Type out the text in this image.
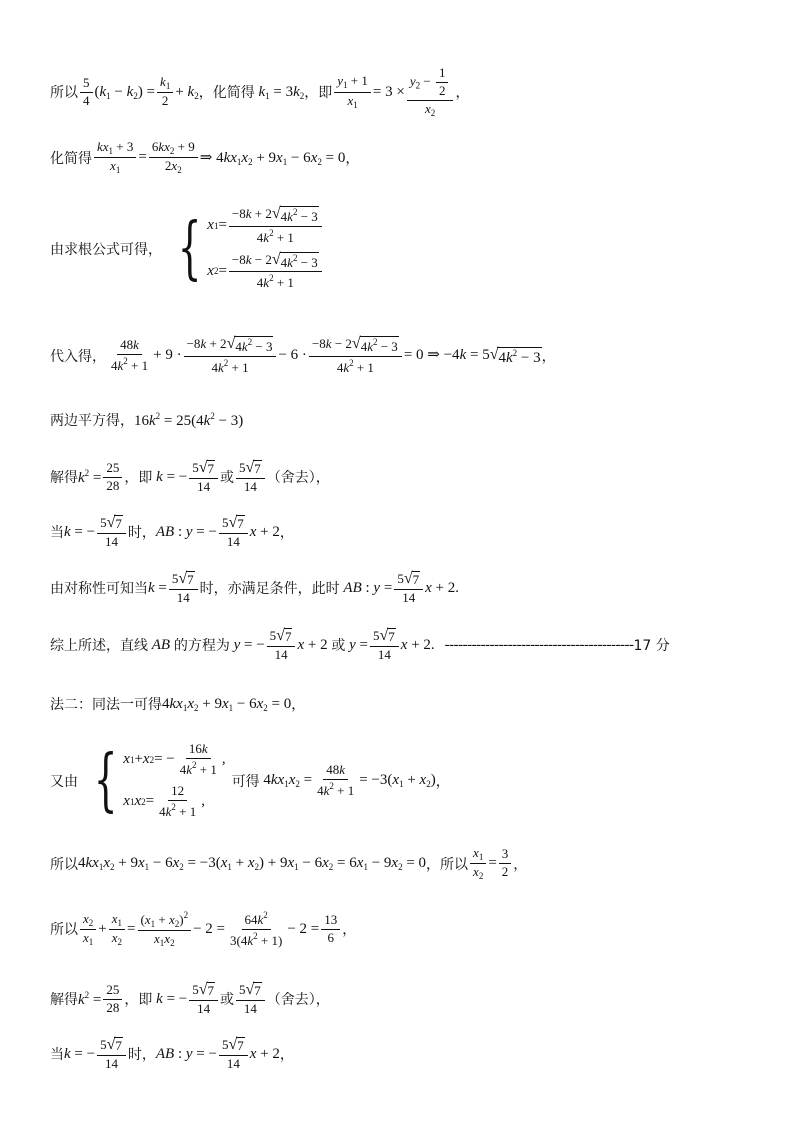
所以 $\frac{5}{4} (k_1 - k_2) = \frac{k_1}{2} + k_2$ ，化简得 $k_1 = 3k_2$ ，即 $\frac{y_1 + 1}{x_1} = 3 \times \frac{y_2 - \frac{1}{2}}{x_2}$ ，
化简得 $\frac{kx_1 + 3}{x_1} = \frac{6kx_2 + 9}{2x_2}$ ⇒ $4kx_1x_2 + 9x_1 - 6x_2 = 0$ ，
由求根公式可得， { x $1 = \frac{-8k + 2 √ 4k^2 - 3}{4k^2 + 1}$
x $2 = \frac{-8k - 2 √ 4k^2 - 3}{4k^2 + 1}$
代入得， $\frac{48k}{4k^2 + 1} + 9 \cdot \frac{-8k + 2 √ 4k^2 - 3}{4k^2 + 1} - 6 \cdot \frac{-8k - 2 √ 4k^2 - 3}{4k^2 + 1} = 0$ ⇒ −4k = 5 √ $4k^2 - 3$ ，
两边平方得， $16k^2 = 25(4k^2 - 3)$
解得 $k^2 = \frac{25}{28}$ ，即 k = − $\frac{5 √ 7}{14}$ 或 $\frac{5 √ 7}{14}$ （舍去），
当 k = − $\frac{5 √ 7}{14}$ 时， AB : y = − $\frac{5 √ 7}{14}$ x + 2 ，
由对称性可知当 $k = \frac{5 √ 7}{14}$ 时，亦满足条件，此时 AB : $y = \frac{5 √ 7}{14}$ x + 2 .
综上所述，直线 AB 的方程为 y = − $\frac{5 √ 7}{14}$ x + 2 或 $y = \frac{5 √ 7}{14}$ x + 2 . ------------------------------------------ 17 分
法二：同法一可得 $4kx_1x_2 + 9x_1 - 6x_2 = 0$ ，
又由 { x 1 + x 2 = − $\frac{16k}{4k^2 + 1}$ ,
x 1 x $2 = \frac{12}{4k^2 + 1}$ ,
可得 $4kx_1x_2 = \frac{48k}{4k^2 + 1} = -3(x_1 + x_2)$ ，
所以 $4kx_1x_2 + 9x_1 - 6x_2 = -3(x_1 + x_2) + 9x_1 - 6x_2 = 6x_1 - 9x_2 = 0$ ，所以 $\frac{x_1}{x_2} = \frac{3}{2}$ ，
所以 $\frac{x_2}{x_1} + \frac{x_1}{x_2} = \frac{(x_1 + x_2)^2}{x_1x_2} - 2 = \frac{64k^2}{3(4k^2 + 1)} - 2 = \frac{13}{6}$ ，
解得 $k^2 = \frac{25}{28}$ ，即 k = − $\frac{5 √ 7}{14}$ 或 $\frac{5 √ 7}{14}$ （舍去），
当 k = − $\frac{5 √ 7}{14}$ 时， AB : y = − $\frac{5 √ 7}{14}$ x + 2 ，
